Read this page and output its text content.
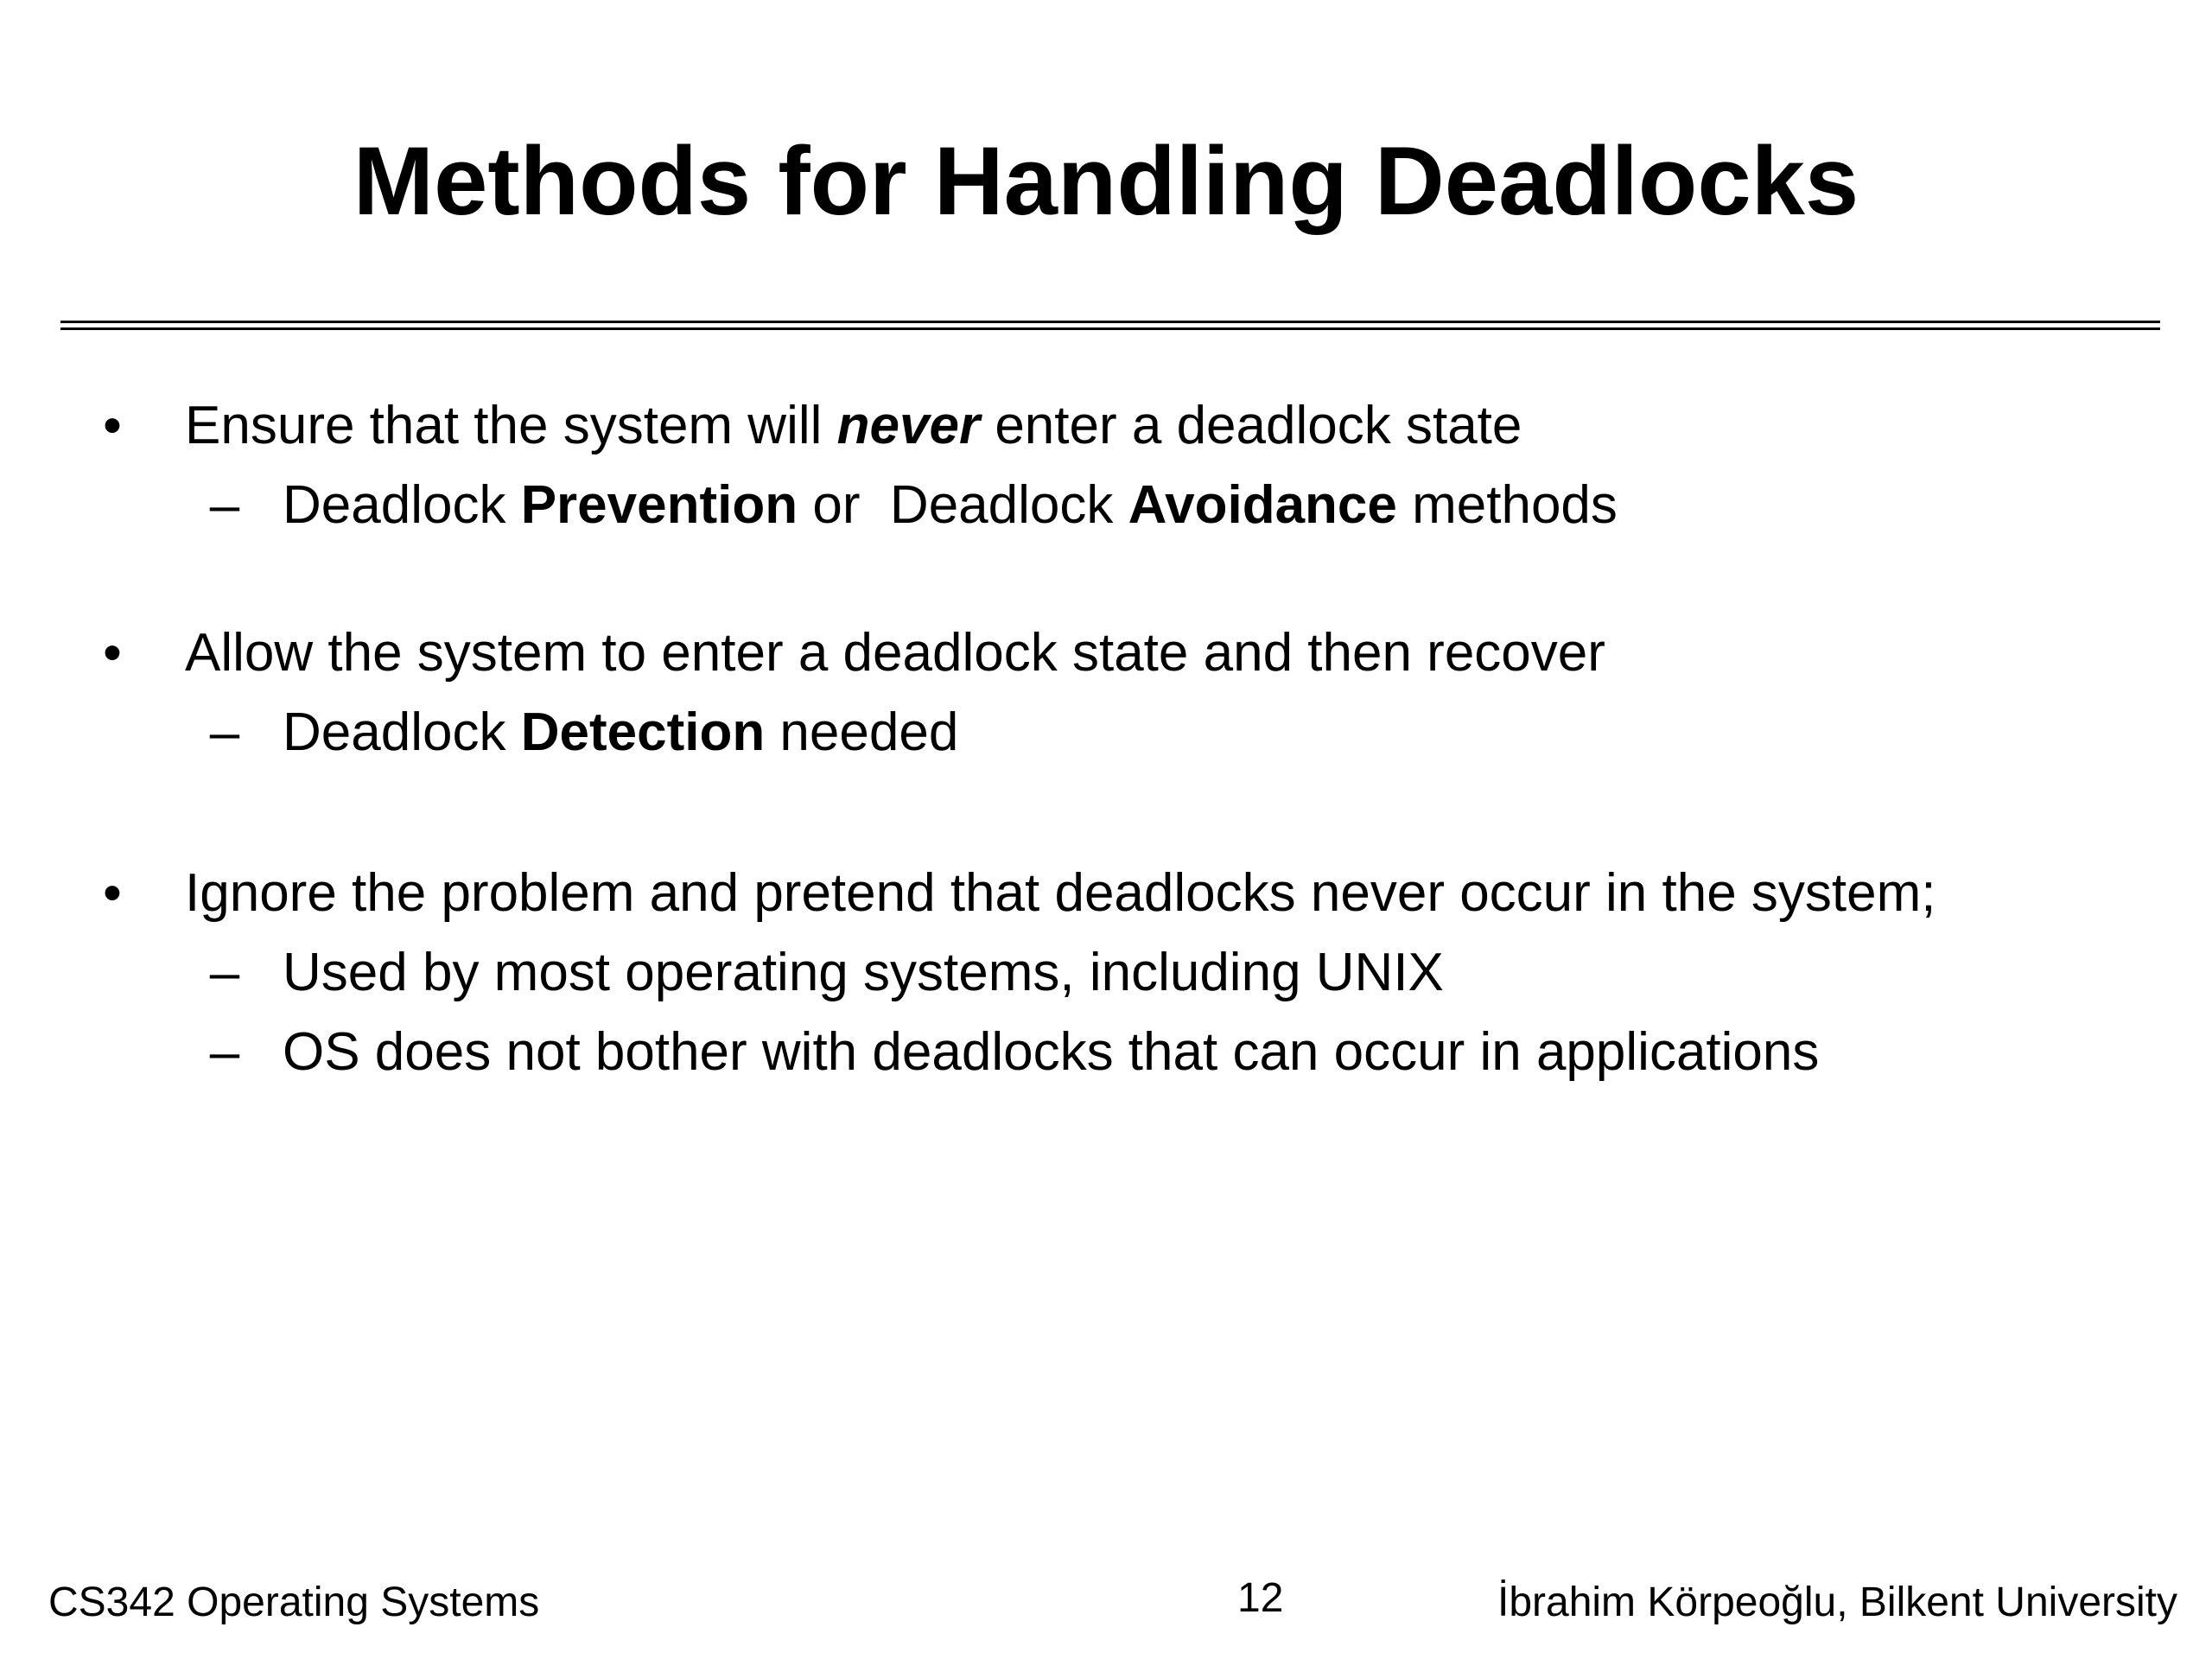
Methods for Handling Deadlocks
• Ensure that the system will never enter a deadlock state
– Deadlock Prevention or  Deadlock Avoidance methods
• Allow the system to enter a deadlock state and then recover
– Deadlock Detection needed
• Ignore the problem and pretend that deadlocks never occur in the system;
– Used by most operating systems, including UNIX
– OS does not bother with deadlocks that can occur in applications
CS342 Operating Systems	12	İbrahim Körpeoğlu, Bilkent University
